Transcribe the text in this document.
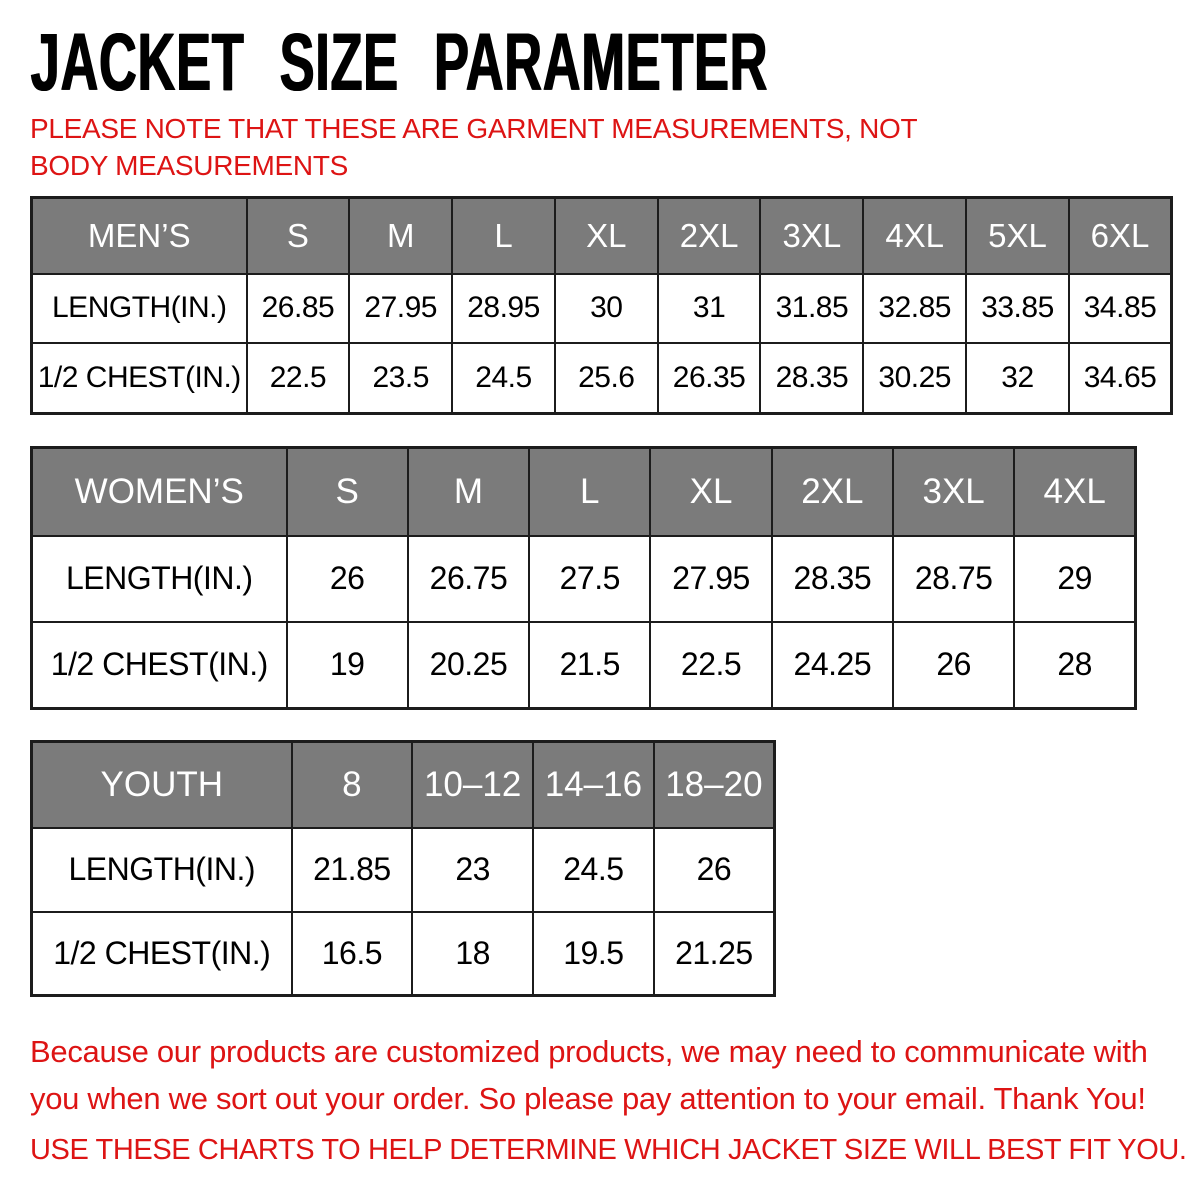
JACKET SIZE PARAMETER
PLEASE NOTE THAT THESE ARE GARMENT MEASUREMENTS, NOT BODY MEASUREMENTS
MEN’S	S	M	L	XL	2XL	3XL	4XL	5XL	6XL
LENGTH(IN.)	26.85	27.95	28.95	30	31	31.85	32.85	33.85	34.85
1/2 CHEST(IN.)	22.5	23.5	24.5	25.6	26.35	28.35	30.25	32	34.65
WOMEN’S	S	M	L	XL	2XL	3XL	4XL
LENGTH(IN.)	26	26.75	27.5	27.95	28.35	28.75	29
1/2 CHEST(IN.)	19	20.25	21.5	22.5	24.25	26	28
YOUTH	8	10–12	14–16	18–20
LENGTH(IN.)	21.85	23	24.5	26
1/2 CHEST(IN.)	16.5	18	19.5	21.25
Because our products are customized products, we may need to communicate with you when we sort out your order. So please pay attention to your email. Thank You!
USE THESE CHARTS TO HELP DETERMINE WHICH JACKET SIZE WILL BEST FIT YOU.
